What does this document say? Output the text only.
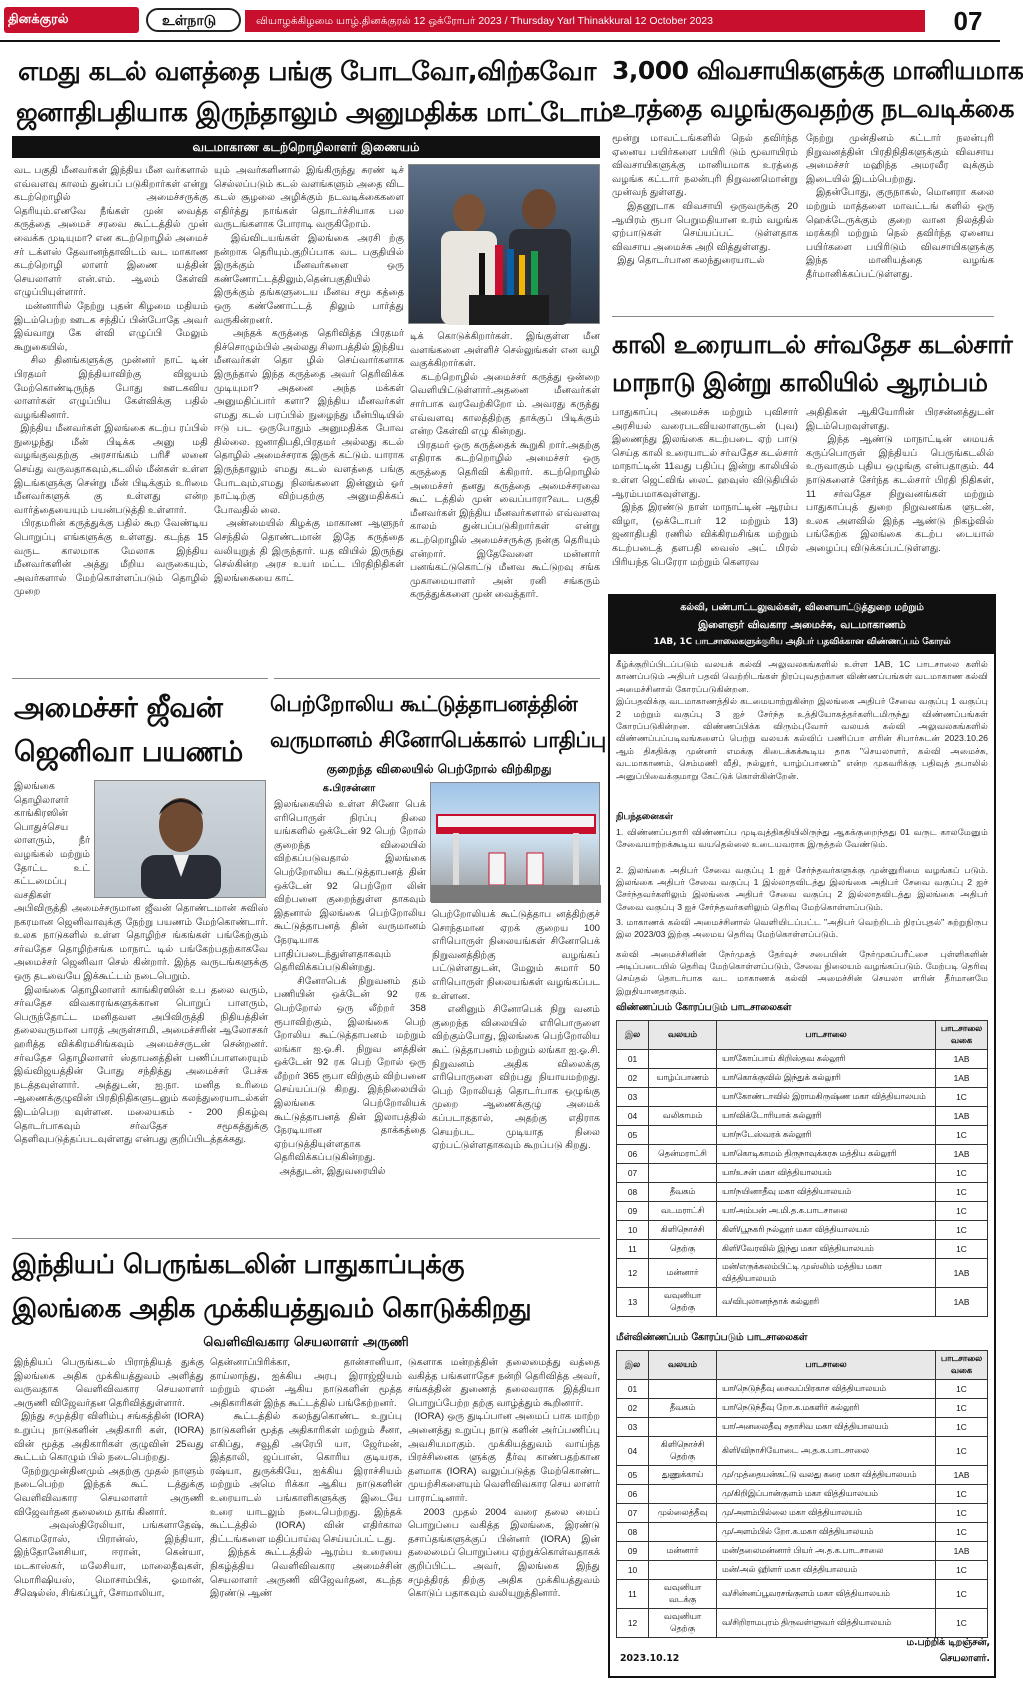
தினக்குரல்	உள்நாடு	வியாழக்கிழமை யாழ்.தினக்குரல் 12 ஒக்ரோபர் 2023 / Thursday Yarl Thinakkural 12 October 2023	07
எமது கடல் வளத்தை பங்கு போடவோ,விற்கவோ
ஜனாதிபதியாக இருந்தாலும் அனுமதிக்க மாட்டோம்
வடமாகாண கடற்றொழிலாளர் இணையம்
வட பகுதி மீனவர்கள் இந்திய மீன வர்களால் எவ்வளவு காலம் துன்பப் படுகிறார்கள் என்று கடற்றொழில் அமைச்சருக்கு தெரியும்.எனவே நீங்கள் முன் வைத்த கருத்தை அமைச் சரவை கூட்டத்தில் முன் வைக்க முடியுமா? என கடற்றொழில் அமைச் சர் டக்ளஸ் தேவானந்தாவிடம் வட மாகாண கடற்றொழி லாளர் இணை யத்தின் செயலாளர் என்.எம். ஆலம் கேள்வி எழுப்பியுள்ளார்.
மன்னாரில் நேற்று புதன் கிழமை மதியம் இடம்பெற்ற ஊடக சந்திப் பின்போதே அவர் இவ்வாறு கே ள்வி எழுப்பி மேலும் கூறுகையில்,
சில தினங்களுக்கு முன்னர் நாட் டின் பிரதமர் இந்தியாவிற்கு விஜயம் மேற்கொண்டிருந்த போது ஊடகவிய லாளர்கள் எழுப்பிய கேள்விக்கு பதில் வழங்கினார்.
இந்திய மீனவர்கள் இலங்கை கடற்ப ரப்பில் நுழைந்து மீன் பிடிக்க அனு மதி வழங்குவதற்கு அரசாங்கம் பரிசீ லனை செய்து வருவதாகவும்,கடலில் மீன்கள் உள்ள இடங்களுக்கு சென்று மீன் பிடிக்கும் உரிமை மீனவர்களுக் கு உள்ளது என்ற வார்த்தையையும் பயன்படுத்தி உள்ளார்.
பிரதமரின் கருத்துக்கு பதில் கூற வேண்டிய பொறுப்பு எங்களுக்கு உள்ளது. கடந்த 15 வருட காலமாக மேலாக இந்திய மீனவர்களின் அத்து மீறிய வருகையும், அவர்களால் மேற்கொள்ளப்படும் தொழில் முறை
யும் அவர்களினால் இங்கிருந்து சுரண் டிச் செல்லப்படும் கடல் வளங்களும் அதை விட கடல் சூழலை அழிக்கும் நடவடிக்கைகளை எதிர்த்து நாங்கள் தொடர்ச்சியாக பல வருடங்களாக போராடி வருகிறோம்.
இவ்விடயங்கள் இலங்கை அரசி ற்கு நன்றாக தெரியும்.குறிப்பாக வட பகுதியில் இருக்கும் மீனவர்களை ஒரு கண்ணோட்டத்திலும்,தென்பகுதியில் இருக்கும் தங்களுடைய மீனவ சமூ கத்தை ஒரு கண்ணோட்டத் திலும் பார்த்து வருகின்றனர்.
அந்தக் கருத்தை தெரிவித்த பிரதமர் நிச்சொழும்பில் அல்லது சிலாபத்தில் இந்திய மீனவர்கள் தொ ழில் செய்வார்களாக இருந்தால் இந்த கருத்தை அவர் தெரிவிக்க முடியுமா? அதனை அந்த மக்கள் அனுமதிப்பார் களா? இந்திய மீனவர்கள் எமது கடல் பரப்பில் நுழைந்து மீன்பிடியில் ஈடு பட ஒருபோதும் அனுமதிக்க போவ தில்லை. ஜனாதிபதி,பிரதமர் அல்லது கடல் தொழில் அமைச்சராக இருக் கட்டும். யாராக இருந்தாலும் எமது கடல் வளத்தை பங்கு போடவும்,எமது நிலங்களை இன்னும் ஓர் நாட்டிற்கு விற்பதற்கு அனுமதிக்கப் போவதில் லை.
அண்மையில் கிழக்கு மாகாண ஆளுநர் செந்தில் தொண்டமான் இதே கருத்தை வலியுறுத் தி இருந்தார். யத வியில் இருந்து செல்கின்ற அரச உயர் மட்ட பிரதிநிதிகள் இலங்கையை காட்
டிக் கொடுக்கிறார்கள். இங்குள்ள மீன வளங்களை அள்ளிச் செல்லுங்கள் என வழி வகுக்கிறார்கள்.
கடற்றொழில் அமைச்சர் கருத்து ஒன்றை வெளியிட்டுள்ளார்.அதனை மீனவர்கள் சார்பாக வரவேற்கிறோ ம். அவரது கருத்து எவ்வளவு காலத்திற்கு தாக்குப் பிடிக்கும் என்ற கேள்வி எழு கின்றது.
பிரதமர் ஒரு கருத்தைக் கூறுகி றார்.அதற்கு எதிராக கடற்றொழில் அமைச்சர் ஒரு கருத்தை தெரிவி க்கிறார். கடற்றொழில் அமைச்சர் தனது கருத்தை அமைச்சரவை கூட் டத்தில் முன் வைப்பாரா?வட பகுதி மீனவர்கள் இந்திய மீனவர்களால் எவ்வளவு காலம் துன்பப்படுகிறார்கள் என்று கடற்றொழில் அமைச்சருக்கு நன்கு தெரியும் என்றார். இதேவேளை மன்னார் பனங்கட்டுகொட்டு மீனவ கூட்டுறவு சங்க முகாமையாளர் அன் ரனி சங்கரும் கருத்துக்களை முன் வைத்தார்.
3,000 விவசாயிகளுக்கு மானியமாக
உரத்தை வழங்குவதற்கு நடவடிக்கை
மூன்று மாவட்டங்களில் நெல் தவிர்ந்த ஏனைய பயிர்களை பயிரி டும் மூவாயிரம் விவசாயிகளுக்கு மானியமாக உரத்தை வழங்க கட்டார் நலன்புரி நிறுவனமொன்று முன்வந் துள்ளது.
இதனூடாக விவசாயி ஒருவருக்கு 20 ஆயிரம் ரூபா பெறுமதியான உரம் வழங்க ஏற்பாடுகள் செய்யப்பட் டுள்ளதாக விவசாய அமைச்சு அறி வித்துள்ளது.
இது தொடர்பான கலந்துரையாடல்
நேற்று முன்தினம் கட்டார் நலன்புரி நிறுவனத்தின் பிரதிநிதிகளுக்கும் விவசாய அமைச்சர் மஹிந்த அமரவீர வுக்கும் இடையில் இடம்பெற்றது.
இதன்போது, குருநாகல், மொனரா கலை மற்றும் மாத்தளை மாவட்டங் களில் ஒரு ஹெக்டேருக்கும் குறை வான நிலத்தில் மரக்கறி மற்றும் நெல் தவிர்ந்த ஏனைய பயிர்களை பயிரிடும் விவசாயிகளுக்கு இந்த மானியத்தை வழங்க தீர்மானிக்கப்பட்டுள்ளது.
காலி உரையாடல் சர்வதேச கடல்சார்
மாநாடு இன்று காலியில் ஆரம்பம்
பாதுகாப்பு அமைச்சு மற்றும் புவிசார் அரசியல் வரைபடவியலாளருடன் (புவ) இணைந்து இலங்கை கடற்படை ஏற் பாடு செய்த காலி உரையாடல் சர்வதேச கடல்சார் மாநாட்டின் 11வது பதிப்பு இன்று காலியில் உள்ள ஜெட்விங் லைட் ஹவுஸ் விடுதியில் ஆரம்பமாகவுள்ளது.
இந்த இரண்டு நாள் மாநாட்டின் ஆரம்ப விழா, (ஒக்டோபர் 12 மற்றும் 13) ஜனாதிபதி ரணில் விக்கிரமசிங்க மற்றும் கடற்படைத் தளபதி வைஸ் அட் மிரல் பிரியந்த பெரேரா மற்றும் கௌரவ
அதிதிகள் ஆகியோரின் பிரசன்னத்துடன் இடம்பெறவுள்ளது.
இந்த ஆண்டு மாநாட்டின் மையக் கருப்பொருள் இந்தியப் பெருங்கடலில் உருவாகும் புதிய ஒழுங்கு என்பதாகும். 44 நாடுகளைச் சேர்ந்த கடல்சார் பிரதி நிதிகள், 11 சர்வதேச நிறுவனங்கள் மற்றும் பாதுகாப்புத் துறை நிறுவனங்க ளுடன், உலக அளவில் இந்த ஆண்டு நிகழ்வில் பங்கேற்க இலங்கை கடற்ப டையால் அழைப்பு விடுக்கப்பட்டுள்ளது.
அமைச்சர் ஜீவன்
ஜெனிவா பயணம்
இலங்கை தொழிலாளர் காங்கிரஸின் பொதுச்செய லாளரும், நீர் வழங்கல் மற்றும் தோட்ட உட் கட்டமைப்பு வசதிகள்
அபிவிருத்தி அமைச்சருமான ஜீவன் தொண்டமான் சுவிஸ் நகரமான ஜெனிவாவுக்கு நேற்று பயணம் மேற்கொண்டார். உலக நாடுகளில் உள்ள தொழிற்ச ங்கங்கள் பங்கேற்கும் சர்வதேச தொழிற்சங்க மாநாட் டில் பங்கேற்பதற்காகவே அமைச்சர் ஜெனிவா செல் கின்றார். இந்த வருடங்களுக்கு ஒரு தடவையே இக்கூட்டம் நடைபெறும்.
இலங்கை தொழிலாளர் காங்கிரஸின் உப தலை வரும், சர்வதேச விவகாரங்களுக்கான பொறுப் பாளரும், பெருந்தோட்ட மனிதவள அபிவிருத்தி நிதியத்தின் தலைவருமான பாரத் அருள்சாமி, அமைச்சரின் ஆலோசகர் ஹரித்த விக்கிரமசிங்கவும் அமைச்சருடன் சென்றனர். சர்வதேச தொழிலாளர் ஸ்தாபனத்தின் பணிப்பாளரையும் இவ்விஜயத்தின் போது சந்தித்து அமைச்சர் பேச்சு நடத்தவுள்ளார். அத்துடன், ஐ.நா. மனித உரிமை ஆணைக்குழுவின் பிரதிநிதிகளுடனும் கலந்துரையாடல்கள் இடம்பெற வுள்ளன. மலையகம் - 200 நிகழ்வு தொடர்பாகவும் சர்வதேச சமூகத்துக்கு தெளிவுபடுத்தப்படவுள்ளது என்பது குறிப்பிடத்தக்கது.
பெற்றோலிய கூட்டுத்தாபனத்தின்
வருமானம் சினோபெக்கால் பாதிப்பு
குறைந்த விலையில் பெற்றோல் விற்கிறது
க.பிரசன்னா
இலங்கையில் உள்ள சினோ பெக் எரிபொருள் நிரப்பு நிலை யங்களில் ஒக்டேன் 92 பெற் றோல் குறைந்த விலையில் விற்கப்படுவதால் இலங்கை பெற்றோலிய கூட்டுத்தாபனத் தின் ஒக்டேன் 92 பெற்றோ லின் விற்பனை குறைந்துள்ள தாகவும் இதனால் இலங்கை பெற்றோலிய கூட்டுத்தாபனத் தின் வருமானம் நேரடியாக பாதிப்படைந்துள்ளதாகவும் தெரிவிக்கப்படுகின்றது.
சினோபெக் நிறுவனம் தம் பணியின் ஒக்டேன் 92 ரக பெற்றோல் ஒரு லீற்றர் 358 ரூபாவிற்கும், இலங்கை பெற் றோலிய கூட்டுத்தாபனம் மற்றும் லங்கா ஐ.ஓ.சி. நிறுவ னத்தின் ஒக்டேன் 92 ரக பெற் றோல் ஒரு லீற்றர் 365 ரூபா விற்கும் விற்பனை செய்யப்படு கிறது. இந்நிலையில் இலங்கை பெற்றோலியக் கூட்டுத்தாபனத் தின் இலாபத்தில் நேரடியான தாக்கத்தை ஏற்படுத்தியுள்ளதாக தெரிவிக்கப்படுகின்றது.
அத்துடன், இதுவரையில்
பெற்றோலியக் கூட்டுத்தாப னத்திற்குச் சொந்தமான ஏறக் குறைய 100 எரிபொருள் நிலையங்கள் சினோபெக் நிறுவனத்திற்கு வழங்கப் பட்டுள்ளதுடன், மேலும் சுமார் 50 எரிபொருள் நிலையங்கள் வழங்கப்பட உள்ளன.
எனினும் சினோபெக் நிறு வனம் குறைந்த விலையில் எரிபொருளை விற்கும்போது, இலங்கை பெற்றோலிய கூட் டுத்தாபனம் மற்றும் லங்கா ஐ.ஓ.சி. நிறுவனம் அதிக விலைக்கு எரிபொருளை விற்பது நியாயமற்றது. பெற் றோலியத் தொடர்பாக ஒழுங்கு முறை ஆணைக்குழு அமைக் கப்படாததால், அதற்கு எதிராக செயற்பட முடியாத நிலை ஏற்பட்டுள்ளதாகவும் கூறப்படு கிறது.
இந்தியப் பெருங்கடலின் பாதுகாப்புக்கு
இலங்கை அதிக முக்கியத்துவம் கொடுக்கிறது
வெளிவிவகார செயலாளர் அருணி
இந்தியப் பெருங்கடல் பிராந்தியத் துக்கு இலங்கை அதிக முக்கியத்துவம் அளித்து வருவதாக வெளிவிவகார செயலாளர் அருணி விஜேவர்தன தெரிவித்துள்ளார்.
இந்து சமுத்திர விளிம்பு சங்கத்தின் (IORA) உறுப்பு நாடுகளின் அதிகாரி கள், (IORA) வின் மூத்த அதிகாரிகள் குழுவின் 25வது கூட்டம் கொழும் பில் நடைபெற்றது.
நேற்றுமுன்தினமும் அதற்கு முதல் நாளும் நடைபெற்ற இந்தக் கூட் டத்துக்கு வெளிவிவகார செயலாளர் அருணி விஜேவர்தன தலைமை தாங் கினார்.
அவுஸ்திரேலியா, பங்களாதேஷ், கொமரோஸ், பிரான்ஸ், இந்தியா, இந்தோனேசியா, ஈரான், கென்யா, மடகாஸ்கர், மலேசியா, மாலைதீவுகள், மொரிஷியஸ், மொசாம்பிக், ஓமான், சீஷெல்ஸ், சிங்கப்பூர், சோமாலியா,
தென்னாப்பிரிக்கா, தான்சானியா, தாய்லாந்து, ஐக்கிய அரபு இராஜ்ஜியம் மற்றும் ஏமன் ஆகிய நாடுகளின் மூத்த அதிகாரிகள் இந்த கூட்டத்தில் பங்கேற்றனர்.
கூட்டத்தில் கலந்துகொண்ட உறுப்பு நாடுகளின் மூத்த அதிகாரிகள் மற்றும் சீனா, எகிப்து, சவூதி அரேபி யா, ஜேர்மன், இத்தாலி, ஜப்பான், கொரிய குடியரசு, ரஷ்யா, துருக்கியே, ஐக்கிய இராச்சியம் மற்றும் அமெ ரிக்கா ஆகிய நாடுகளின் உரையாடல் பங்காளிகளுக்கு இடையே உரை யாடலும் நடைபெற்றது. இந்தக் கூட்டத்தில் (IORA) வின் எதிர்கால திட்டங்களை மதிப்பாய்வு செய்யப்பட் டது.
இந்தக் கூட்டத்தில் ஆரம்ப உரையை நிகழ்த்திய வெளிவிவகார அமைச்சின் செயலாளர் அருணி விஜேவர்தன, கடந்த இரண்டு ஆண்
டுகளாக மன்றத்தின் தலைமைத்து வத்தை வகித்த பங்களாதேச நன்றி தெரிவித்த அவர், சங்கத்தின் துணைத் தலைவராக இத்தியா பொறுப்பேற்ற தற்கு வாழ்த்தும் கூறினார்.
(IORA) ஒரு துடிப்பான அமைப் பாக மாற்ற அனைத்து உறுப்பு நாடு களின் அர்ப்பணிப்பு அவசியமாகும். முக்கியத்துவம் வாய்ந்த பிரச்சினைக ளுக்கு தீர்வு காண்பதற்கான தளமாக (IORA) வலுப்படுத்த மேற்கொண்ட முயற்சிகளையும் வெளிவிவகார செய லாளர் பாராட்டினார்.
2003 முதல் 2004 வரை தலை மைப் பொறுப்பை வகித்த இலங்கை, இரண்டு தசாப்தங்களுக்குப் பின்னர் (IORA) இன் தலைமைப் பொறுப்பை ஏற்றுக்கொள்வதாகக் குறிப்பிட்ட அவர், இலங்கை இந்து சமுத்திரத் திற்கு அதிக முக்கியத்துவம் கொடுப் பதாகவும் வலியுறுத்தினார்.
கல்வி, பண்பாட்டலுவல்கள், விளையாட்டுத்துறை மற்றும்
இளைஞர் விவகார அமைச்சு, வடமாகாணம்
1AB, 1C பாடசாலைகளுக்குரிய அதிபர் பதவிக்கான விண்ணப்பம் கோரல்
கீழ்க்குறிப்பிடப்படும் வலயக் கல்வி அலுவலகங்களில் உள்ள 1AB, 1C பாடசாலை களில் காணப்படும் அதிபர் பதவி வெற்றிடங்கள் நிரப்புவதற்கான விண்ணப்பங்கள் வடமாகாண கல்வி அமைச்சினால் கோரப்படுகின்றன.
இப்பதவிக்கு வடமாகாணத்தில் கடமையாற்றுகின்ற இலங்கை அதிபர் சேவை வகுப்பு 1 வகுப்பு 2 மற்றும் வகுப்பு 3 ஐச் சேர்ந்த உத்தியோகத்தர்களிடமிருந்து விண்ணப்பங்கள் கோரப்படுகின்றன. விண்ணப்பிக்க விரும்புவோர் வலயக் கல்வி அலுவலகங்களில் விண்ணப்பப்படிவங்களைப் பெற்று வலயக் கல்விப் பணிப்பா ளரின் சிபார்சுடன் 2023.10.26 ஆம் திகதிக்கு முன்னர் எமக்கு கிடைக்கக்கூடிய தாக "செயலாளர், கல்வி அமைச்சு, வடமாகாணம், செம்மணி வீதி, நல்லூர், யாழ்ப்பாணம்" என்ற முகவரிக்கு பதிவுத் தபாலில் அனுப்பிவைக்குமாறு கேட்டுக் கொள்கின்றேன்.
நிபந்தனைகள்
1. விண்ணப்பதாரி விண்ணப்ப முடிவுத்திகதியிலிருந்து ஆகக்குறைந்தது 01 வருட காலமேனும் சேவையாற்றக்கூடிய வயதெல்லை உடையவராக இருத்தல் வேண்டும்.
2. இலங்கை அதிபர் சேவை வகுப்பு 1 ஐச் சேர்ந்தவர்களுக்கு முன்னுரிமை வழங்கப் படும். இலங்கை அதிபர் சேவை வகுப்பு 1 இல்லாதவிடத்து இலங்கை அதிபர் சேவை வகுப்பு 2 ஐச் சேர்ந்தவர்களிலும் இலங்கை அதிபர் சேவை வகுப்பு 2 இல்லாதவிடத்து இலங்கை அதிபர் சேவை வகுப்பு 3 ஐச் சேர்ந்தவர்களிலும் தெரிவு மேற்கொள்ளப்படும்.
3. மாகாணக் கல்வி அமைச்சினால் வெளியிடப்பட்ட "அதிபர் வெற்றிடம் நிரப்புதல்" சுற்றுநிருப இல 2023/03 இற்கு அமைய தெரிவு மேற்கொள்ளப்படும்.
கல்வி அமைச்சினின் நேர்முகத் தேர்வுச் சபையின் நேர்முகப்பரீட்சை புள்ளிகளின் அடிப்படையில் தெரிவு மேற்கொள்ளப்படும், சேவை நிலையம் வழங்கப்படும். மேற்படி தெரிவு செய்தல் தொடர்பாக வட மாகாணக் கல்வி அமைச்சின் செயலா ளரின் தீர்மானமே இறுதியானதாகும்.
விண்ணப்பம் கோரப்படும் பாடசாலைகள்
இல	வலயம்	பாடசாலை	பாடசாலை வகை
01		யா/கோப்பாய் கிறிஸ்தவ கல்லூரி	1AB
02	யாழ்ப்பாணம்	யா/கொக்குவில் இந்துக் கல்லூரி	1AB
03		யா/கோண்டாவில் இராமகிருஷ்ண மகா வித்தியாலயம்	1C
04	வலிகாமம்	யா/விக்டோரியாக் கல்லூரி	1AB
05		யா/நடேஸ்வரக் கல்லூரி	1C
06	தென்மராட்சி	யா/கொடிகாமம் திருநாவுக்கரசு மத்திய கல்லூரி	1AB
07		யா/உசன் மகா வித்தியாலயம்	1C
08	தீவகம்	யா/நயினாதீவு மகா வித்தியாலயம்	1C
09	வடமராட்சி	யா/அம்பன் அ.மி.த.க.பாடசாலை	1C
10	கிளிநொச்சி	கிளி/பூநகரி நல்லூர் மகா வித்தியாலயம்	1C
11	தெற்கு	கிளி/வேரவில் இந்து மகா வித்தியாலயம்	1C
12	மன்னார்	மன்/எருக்கலம்பிட்டி முஸ்லிம் மத்திய மகா வித்தியாலயம்	1AB
13	வவுனியா தெற்கு	வ/விபுலானந்தாக் கல்லூரி	1AB
மீள்விண்ணப்பம் கோரப்படும் பாடசாலைகள்
இல	வலயம்	பாடசாலை	பாடசாலை வகை
01		யா/நெடுந்தீவு சைவப்பிரகாச வித்தியாலயம்	1C
02	தீவகம்	யா/நெடுந்தீவு றோ.க.மகளிர் கல்லூரி	1C
03		யா/அனலைதீவு சதாசிவ மகா வித்தியாலயம்	1C
04	கிளிநொச்சி தெற்கு	கிளி/விநாசியோடை அ.த.க.பாடசாலை	1C
05	துணுக்காய்	மு/முத்தையன்கட்டு வலது கரை மகா வித்தியாலயம்	1AB
06		மு/கிறிஇப்பான்குளம் மகா வித்தியாலயம்	1C
07	முல்லைத்தீவு	மு/அளம்பில்லை மகா வித்தியாலயம்	1C
08		மு/அளம்பில் றோ.க.மகா வித்தியாலயம்	1C
09	மன்னார்	மன்/தலைமன்னார் பியர் அ.த.க.பாடசாலை	1AB
10		மன்/அல் ஹிளர் மகா வித்தியாலயம்	1C
11	வவுனியா வடக்கு	வ/சின்னப்பூவரசங்குளம் மகா வித்தியாலயம்	1C
12	வவுனியா தெற்கு	வ/சிறிராமபுரம் திருவள்ளுவர் வித்தியாலயம்	1C
ம.பற்றிக் டிறஞ்சன்,
2023.10.12	செயலாளர்.
